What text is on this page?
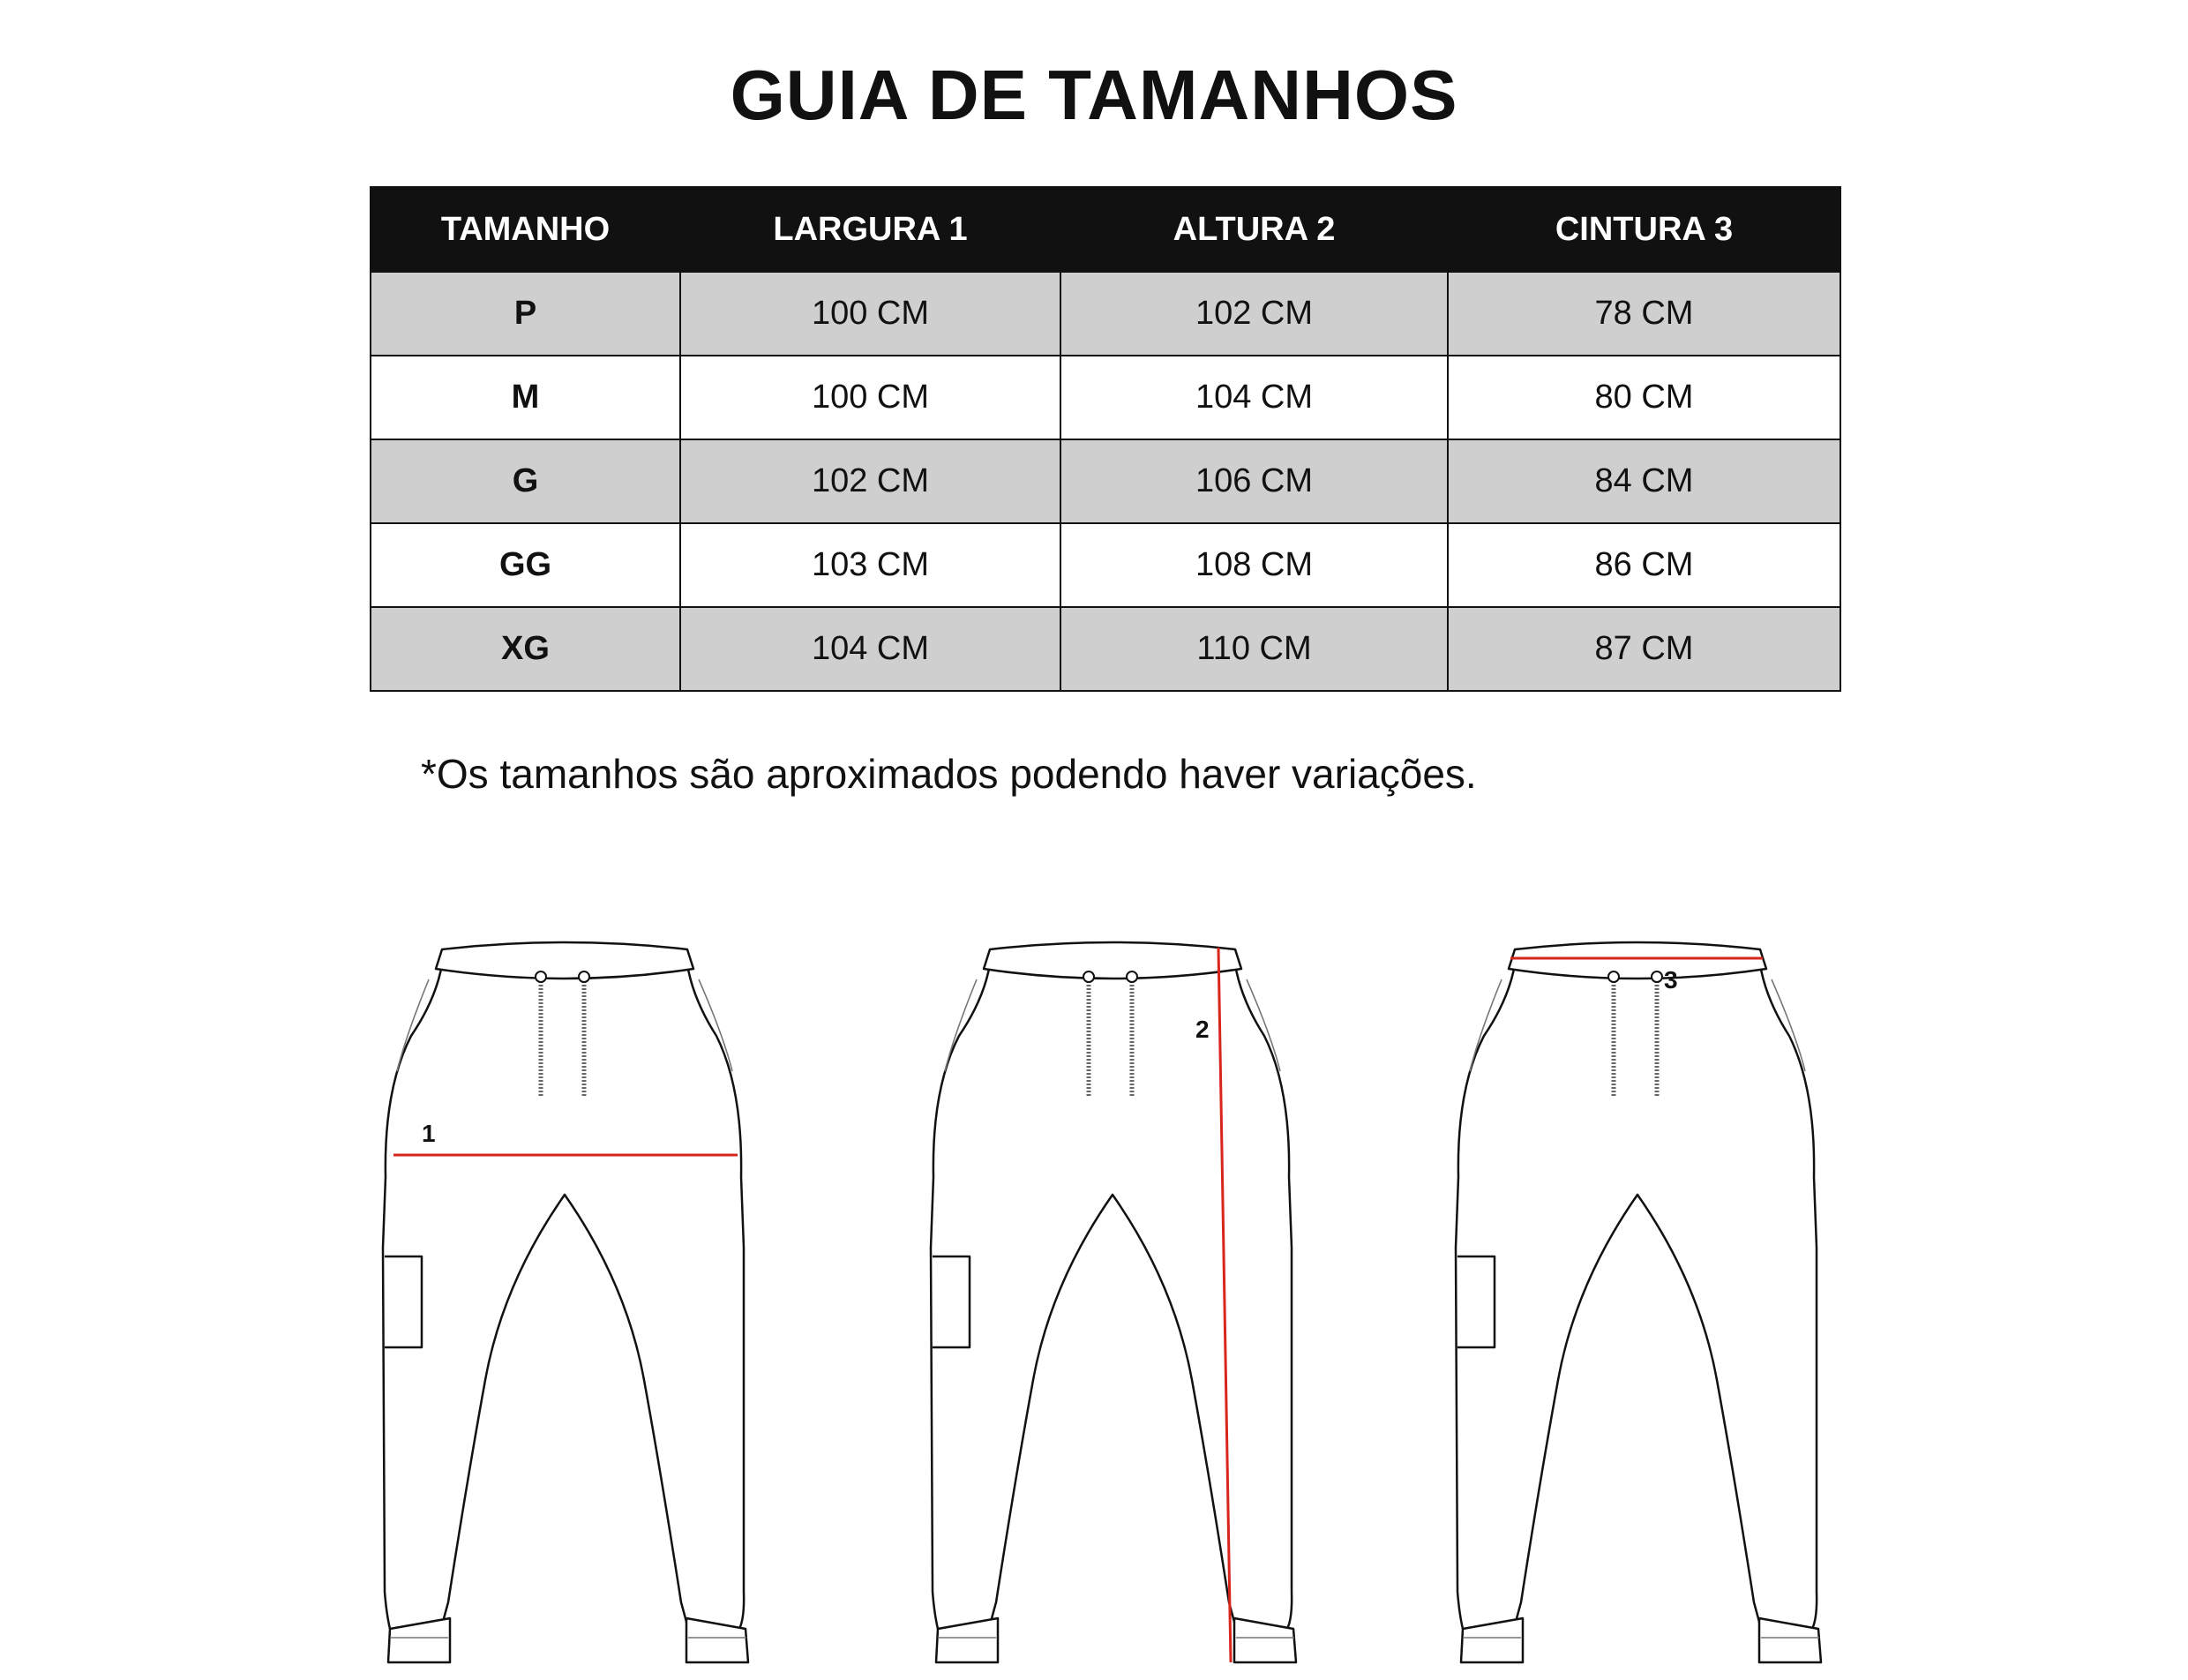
GUIA DE TAMANHOS
TAMANHO	LARGURA 1	ALTURA 2	CINTURA 3
P	100 CM	102 CM	78 CM
M	100 CM	104 CM	80 CM
G	102 CM	106 CM	84 CM
GG	103 CM	108 CM	86 CM
XG	104 CM	110 CM	87 CM
*Os tamanhos são aproximados podendo haver variações.
1
2
3
